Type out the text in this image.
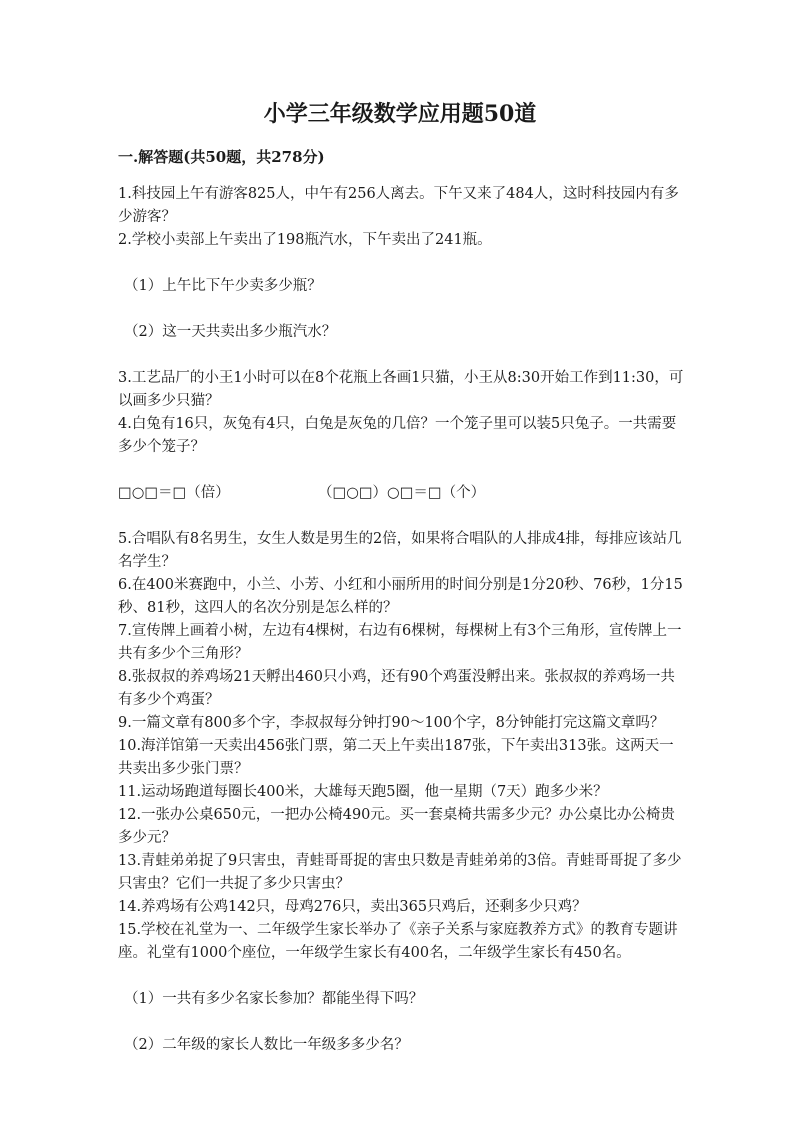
小学三年级数学应用题50道
一.解答题(共50题，共278分)

1.科技园上午有游客825人，中午有256人离去。下午又来了484人，这时科技园内有多少游客？

2.学校小卖部上午卖出了198瓶汽水，下午卖出了241瓶。

（1）上午比下午少卖多少瓶？

（2）这一天共卖出多少瓶汽水？

3.工艺品厂的小王1小时可以在8个花瓶上各画1只猫，小王从8:30开始工作到11:30，可以画多少只猫？

4.白兔有16只，灰兔有4只，白兔是灰兔的几倍？一个笼子里可以装5只兔子。一共需要多少个笼子？

□○□＝□（倍）	（□○□）○□＝□（个）

5.合唱队有8名男生，女生人数是男生的2倍，如果将合唱队的人排成4排，每排应该站几名学生？

6.在400米赛跑中，小兰、小芳、小红和小丽所用的时间分别是1分20秒、76秒，1分15秒、81秒，这四人的名次分别是怎么样的？

7.宣传牌上画着小树，左边有4棵树，右边有6棵树，每棵树上有3个三角形，宣传牌上一共有多少个三角形？

8.张叔叔的养鸡场21天孵出460只小鸡，还有90个鸡蛋没孵出来。张叔叔的养鸡场一共有多少个鸡蛋？

9.一篇文章有800多个字，李叔叔每分钟打90～100个字，8分钟能打完这篇文章吗？

10.海洋馆第一天卖出456张门票，第二天上午卖出187张，下午卖出313张。这两天一共卖出多少张门票？

11.运动场跑道每圈长400米，大雄每天跑5圈，他一星期（7天）跑多少米？

12.一张办公桌650元，一把办公椅490元。买一套桌椅共需多少元？办公桌比办公椅贵多少元？

13.青蛙弟弟捉了9只害虫，青蛙哥哥捉的害虫只数是青蛙弟弟的3倍。青蛙哥哥捉了多少只害虫？它们一共捉了多少只害虫？

14.养鸡场有公鸡142只，母鸡276只，卖出365只鸡后，还剩多少只鸡？

15.学校在礼堂为一、二年级学生家长举办了《亲子关系与家庭教养方式》的教育专题讲座。礼堂有1000个座位，一年级学生家长有400名，二年级学生家长有450名。

（1）一共有多少名家长参加？都能坐得下吗？

（2）二年级的家长人数比一年级多多少名？
